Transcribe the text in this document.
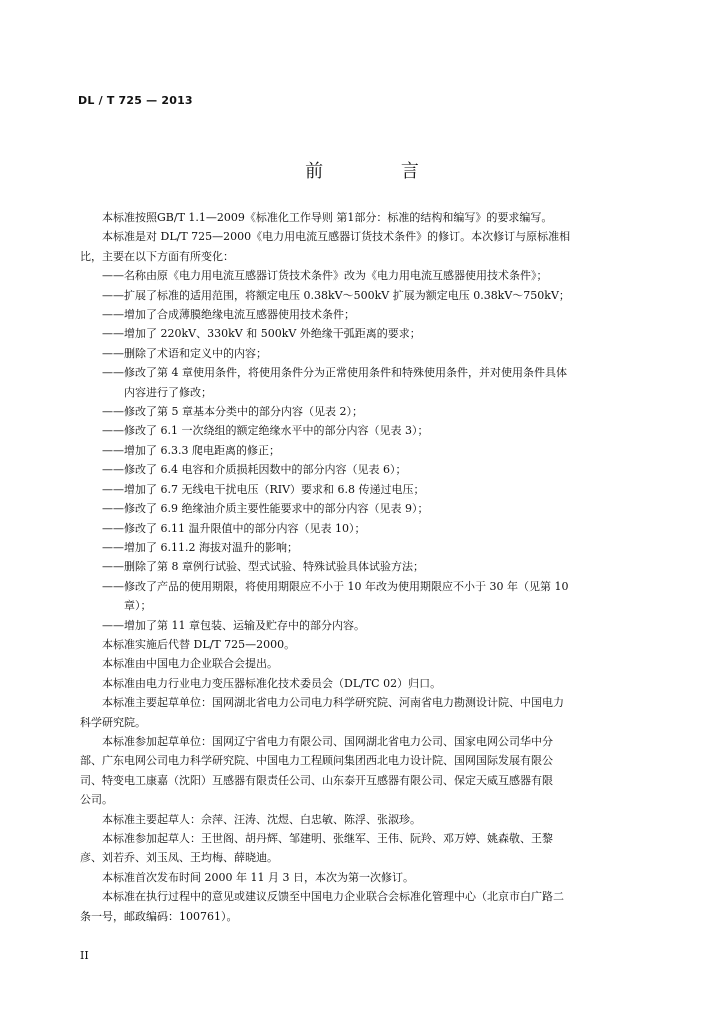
DL / T 725 — 2013
前 言

本标准按照GB/T 1.1—2009《标准化工作导则 第1部分：标准的结构和编写》的要求编写。

本标准是对 DL/T 725—2000《电力用电流互感器订货技术条件》的修订。本次修订与原标准相

比，主要在以下方面有所变化：

——名称由原《电力用电流互感器订货技术条件》改为《电力用电流互感器使用技术条件》；

——扩展了标准的适用范围，将额定电压 0.38kV～500kV 扩展为额定电压 0.38kV～750kV；

——增加了合成薄膜绝缘电流互感器使用技术条件；

——增加了 220kV、330kV 和 500kV 外绝缘干弧距离的要求；

——删除了术语和定义中的内容；

——修改了第 4 章使用条件，将使用条件分为正常使用条件和特殊使用条件，并对使用条件具体

内容进行了修改；

——修改了第 5 章基本分类中的部分内容（见表 2）；

——修改了 6.1 一次绕组的额定绝缘水平中的部分内容（见表 3）；

——增加了 6.3.3 爬电距离的修正；

——修改了 6.4 电容和介质损耗因数中的部分内容（见表 6）；

——增加了 6.7 无线电干扰电压（RIV）要求和 6.8 传递过电压；

——修改了 6.9 绝缘油介质主要性能要求中的部分内容（见表 9）；

——修改了 6.11 温升限值中的部分内容（见表 10）；

——增加了 6.11.2 海拔对温升的影响；

——删除了第 8 章例行试验、型式试验、特殊试验具体试验方法；

——修改了产品的使用期限，将使用期限应不小于 10 年改为使用期限应不小于 30 年（见第 10

章）；

——增加了第 11 章包装、运输及贮存中的部分内容。

本标准实施后代替 DL/T 725—2000。

本标准由中国电力企业联合会提出。

本标准由电力行业电力变压器标准化技术委员会（DL/TC 02）归口。

本标准主要起草单位：国网湖北省电力公司电力科学研究院、河南省电力勘测设计院、中国电力

科学研究院。

本标准参加起草单位：国网辽宁省电力有限公司、国网湖北省电力公司、国家电网公司华中分

部、广东电网公司电力科学研究院、中国电力工程顾问集团西北电力设计院、国网国际发展有限公

司、特变电工康嘉（沈阳）互感器有限责任公司、山东泰开互感器有限公司、保定天威互感器有限

公司。

本标准主要起草人：佘萍、汪涛、沈煜、白忠敏、陈浮、张淑珍。

本标准参加起草人：王世阁、胡丹辉、邹建明、张继军、王伟、阮羚、邓万婷、姚森敬、王黎

彦、刘若乔、刘玉凤、王均梅、薛晓迪。

本标准首次发布时间 2000 年 11 月 3 日，本次为第一次修订。

本标准在执行过程中的意见或建议反馈至中国电力企业联合会标准化管理中心（北京市白广路二

条一号，邮政编码：100761）。

II
